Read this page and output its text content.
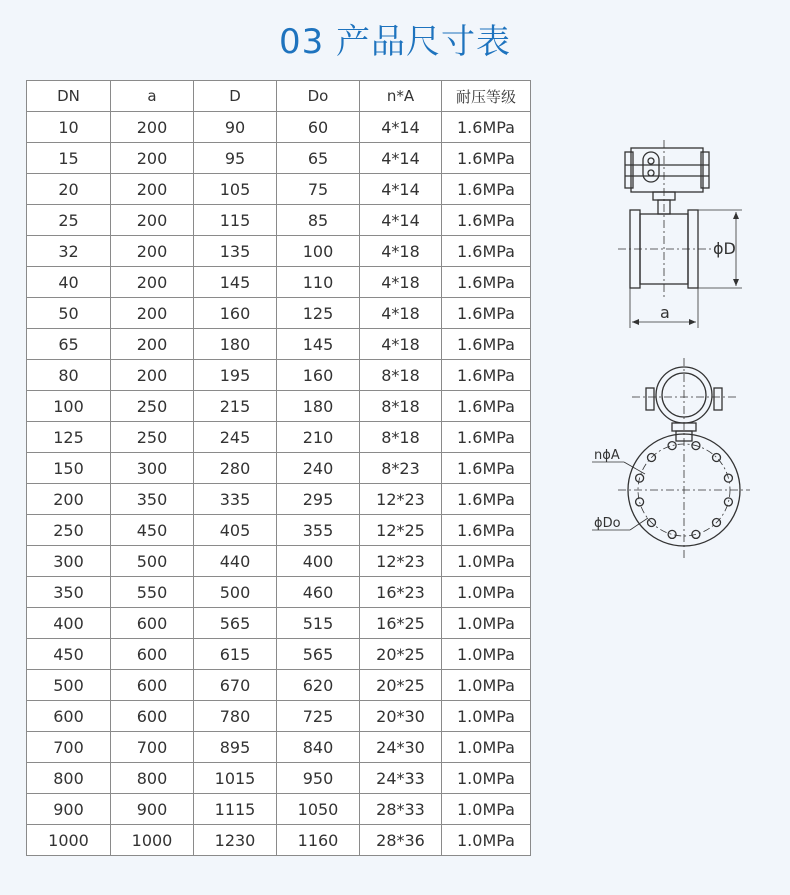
03 产品尺寸表
DN	a	D	Do	n*A	耐压等级
10	200	90	60	4*14	1.6MPa
15	200	95	65	4*14	1.6MPa
20	200	105	75	4*14	1.6MPa
25	200	115	85	4*14	1.6MPa
32	200	135	100	4*18	1.6MPa
40	200	145	110	4*18	1.6MPa
50	200	160	125	4*18	1.6MPa
65	200	180	145	4*18	1.6MPa
80	200	195	160	8*18	1.6MPa
100	250	215	180	8*18	1.6MPa
125	250	245	210	8*18	1.6MPa
150	300	280	240	8*23	1.6MPa
200	350	335	295	12*23	1.6MPa
250	450	405	355	12*25	1.6MPa
300	500	440	400	12*23	1.0MPa
350	550	500	460	16*23	1.0MPa
400	600	565	515	16*25	1.0MPa
450	600	615	565	20*25	1.0MPa
500	600	670	620	20*25	1.0MPa
600	600	780	725	20*30	1.0MPa
700	700	895	840	24*30	1.0MPa
800	800	1015	950	24*33	1.0MPa
900	900	1115	1050	28*33	1.0MPa
1000	1000	1230	1160	28*36	1.0MPa
ϕD
a
nϕA
ϕDo
